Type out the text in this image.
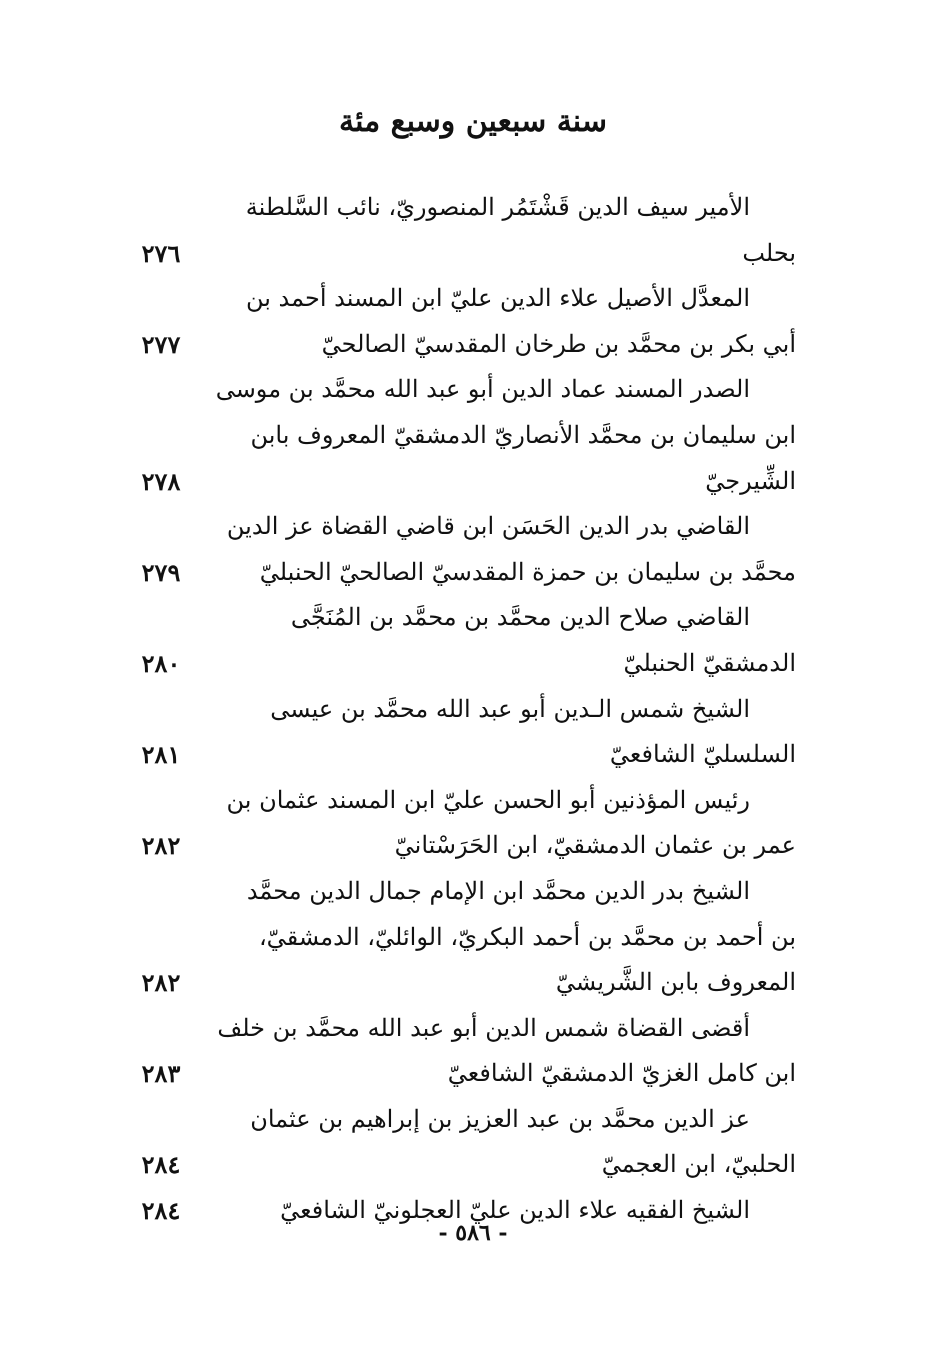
سنة سبعين وسبع مئة
الأمير سيف الدين قَشْتَمُر المنصوريّ، نائب السَّلطنة
بحلب
٢٧٦
المعدَّل الأصيل علاء الدين عليّ ابن المسند أحمد بن
أبي بكر بن محمَّد بن طرخان المقدسيّ الصالحيّ
٢٧٧
الصدر المسند عماد الدين أبو عبد الله محمَّد بن موسى
ابن سليمان بن محمَّد الأنصاريّ الدمشقيّ المعروف بابن
الشِّيرجيّ
٢٧٨
القاضي بدر الدين الحَسَن ابن قاضي القضاة عز الدين
محمَّد بن سليمان بن حمزة المقدسيّ الصالحيّ الحنبليّ
٢٧٩
القاضي صلاح الدين محمَّد بن محمَّد بن المُنَجَّى
الدمشقيّ الحنبليّ
٢٨٠
الشيخ شمس الـدين أبو عبد الله محمَّد بن عيسى
السلسليّ الشافعيّ
٢٨١
رئيس المؤذنين أبو الحسن عليّ ابن المسند عثمان بن
عمر بن عثمان الدمشقيّ، ابن الحَرَسْتانيّ
٢٨٢
الشيخ بدر الدين محمَّد ابن الإمام جمال الدين محمَّد
بن أحمد بن محمَّد بن أحمد البكريّ، الوائليّ، الدمشقيّ،
المعروف بابن الشَّريشيّ
٢٨٢
أقضى القضاة شمس الدين أبو عبد الله محمَّد بن خلف
ابن كامل الغزيّ الدمشقيّ الشافعيّ
٢٨٣
عز الدين محمَّد بن عبد العزيز بن إبراهيم بن عثمان
الحلبيّ، ابن العجميّ
٢٨٤
الشيخ الفقيه علاء الدين عليّ العجلونيّ الشافعيّ
٢٨٤
- ٥٨٦ -
